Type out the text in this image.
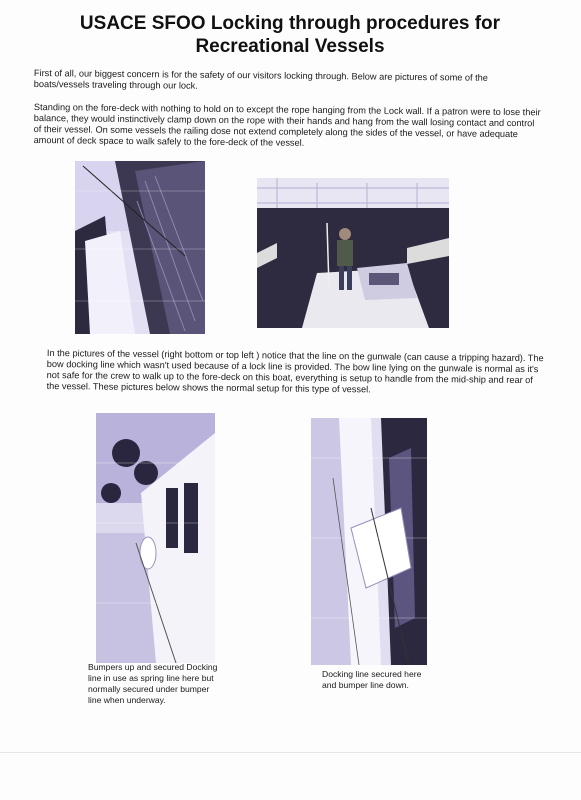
USACE SFOO Locking through procedures for Recreational Vessels

First of all, our biggest concern is for the safety of our visitors locking through. Below are pictures of some of the boats/vessels traveling through our lock.

Standing on the fore-deck with nothing to hold on to except the rope hanging from the Lock wall. If a patron were to lose their balance, they would instinctively clamp down on the rope with their hands and hang from the wall losing contact and control of their vessel. On some vessels the railing dose not extend completely along the sides of the vessel, or have adequate amount of deck space to walk safely to the fore-deck of the vessel.

In the pictures of the vessel (right bottom or top left ) notice that the line on the gunwale (can cause a tripping hazard). The bow docking line which wasn't used because of a lock line is provided. The bow line lying on the gunwale is normal as it's not safe for the crew to walk up to the fore-deck on this boat, everything is setup to handle from the mid-ship and rear of the vessel. These pictures below shows the normal setup for this type of vessel.

Bumpers up and secured Docking line in use as spring line here but normally secured under bumper line when underway.

Docking line secured here and bumper line down.
